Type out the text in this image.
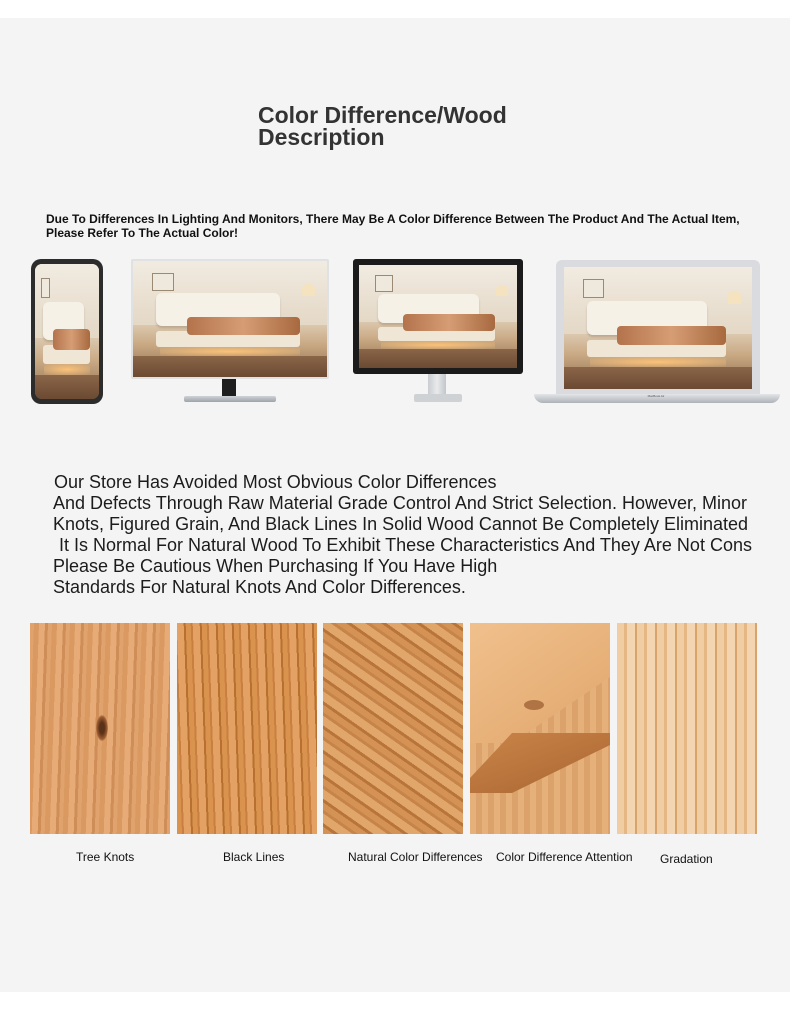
Color Difference/Wood Description
Due To Differences In Lighting And Monitors, There May Be A Color Difference Between The Product And The Actual Item, Please Refer To The Actual Color!
MacBook Air
Our Store Has Avoided Most Obvious Color Differences
And Defects Through Raw Material Grade Control And Strict Selection. However, Minor
Knots, Figured Grain, And Black Lines In Solid Wood Cannot Be Completely Eliminated
It Is Normal For Natural Wood To Exhibit These Characteristics And They Are Not Cons
Please Be Cautious When Purchasing If You Have High
Standards For Natural Knots And Color Differences.
Tree Knots	Black Lines	Natural Color Differences Color Difference Attention Gradation
